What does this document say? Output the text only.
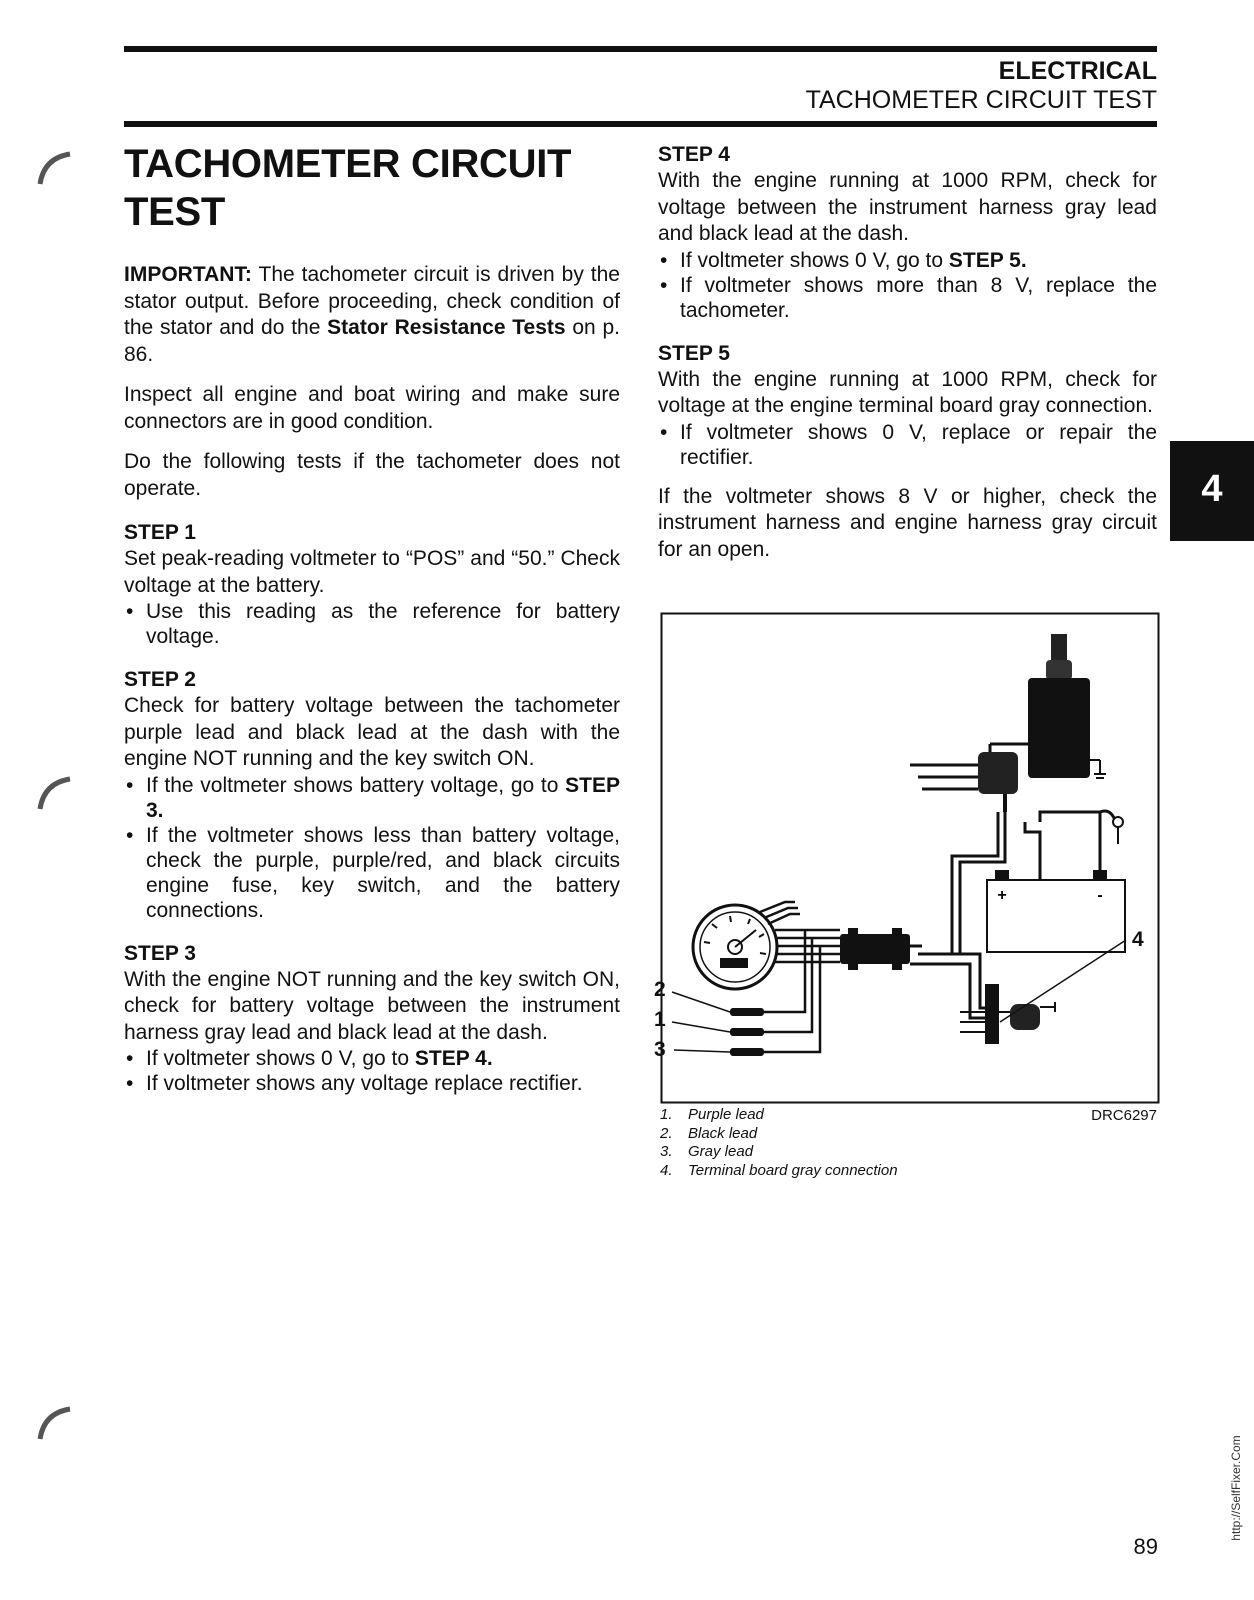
ELECTRICAL
TACHOMETER CIRCUIT TEST
TACHOMETER CIRCUIT
TEST

IMPORTANT: The tachometer circuit is driven by the stator output. Before proceeding, check condition of the stator and do the Stator Resistance Tests on p. 86.

Inspect all engine and boat wiring and make sure connectors are in good condition.

Do the following tests if the tachometer does not operate.

STEP 1

Set peak-reading voltmeter to “POS” and “50.” Check voltage at the battery.

• Use this reading as the reference for battery voltage.

STEP 2

Check for battery voltage between the tachometer purple lead and black lead at the dash with the engine NOT running and the key switch ON.

• If the voltmeter shows battery voltage, go to STEP 3.

• If the voltmeter shows less than battery voltage, check the purple, purple/red, and black circuits engine fuse, key switch, and the battery connections.

STEP 3

With the engine NOT running and the key switch ON, check for battery voltage between the instrument harness gray lead and black lead at the dash.

• If voltmeter shows 0 V, go to STEP 4.

• If voltmeter shows any voltage replace rectifier.

STEP 4

With the engine running at 1000 RPM, check for voltage between the instrument harness gray lead and black lead at the dash.

• If voltmeter shows 0 V, go to STEP 5.

• If voltmeter shows more than 8 V, replace the tachometer.

STEP 5

With the engine running at 1000 RPM, check for voltage at the engine terminal board gray connection.

• If voltmeter shows 0 V, replace or repair the rectifier.

If the voltmeter shows 8 V or higher, check the instrument harness and engine harness gray circuit for an open.

+	-
2
1
3
4
1. Purple lead
2. Black lead
3. Gray lead
4. Terminal board gray connection
DRC6297
4
89
http://SelfFixer.Com
